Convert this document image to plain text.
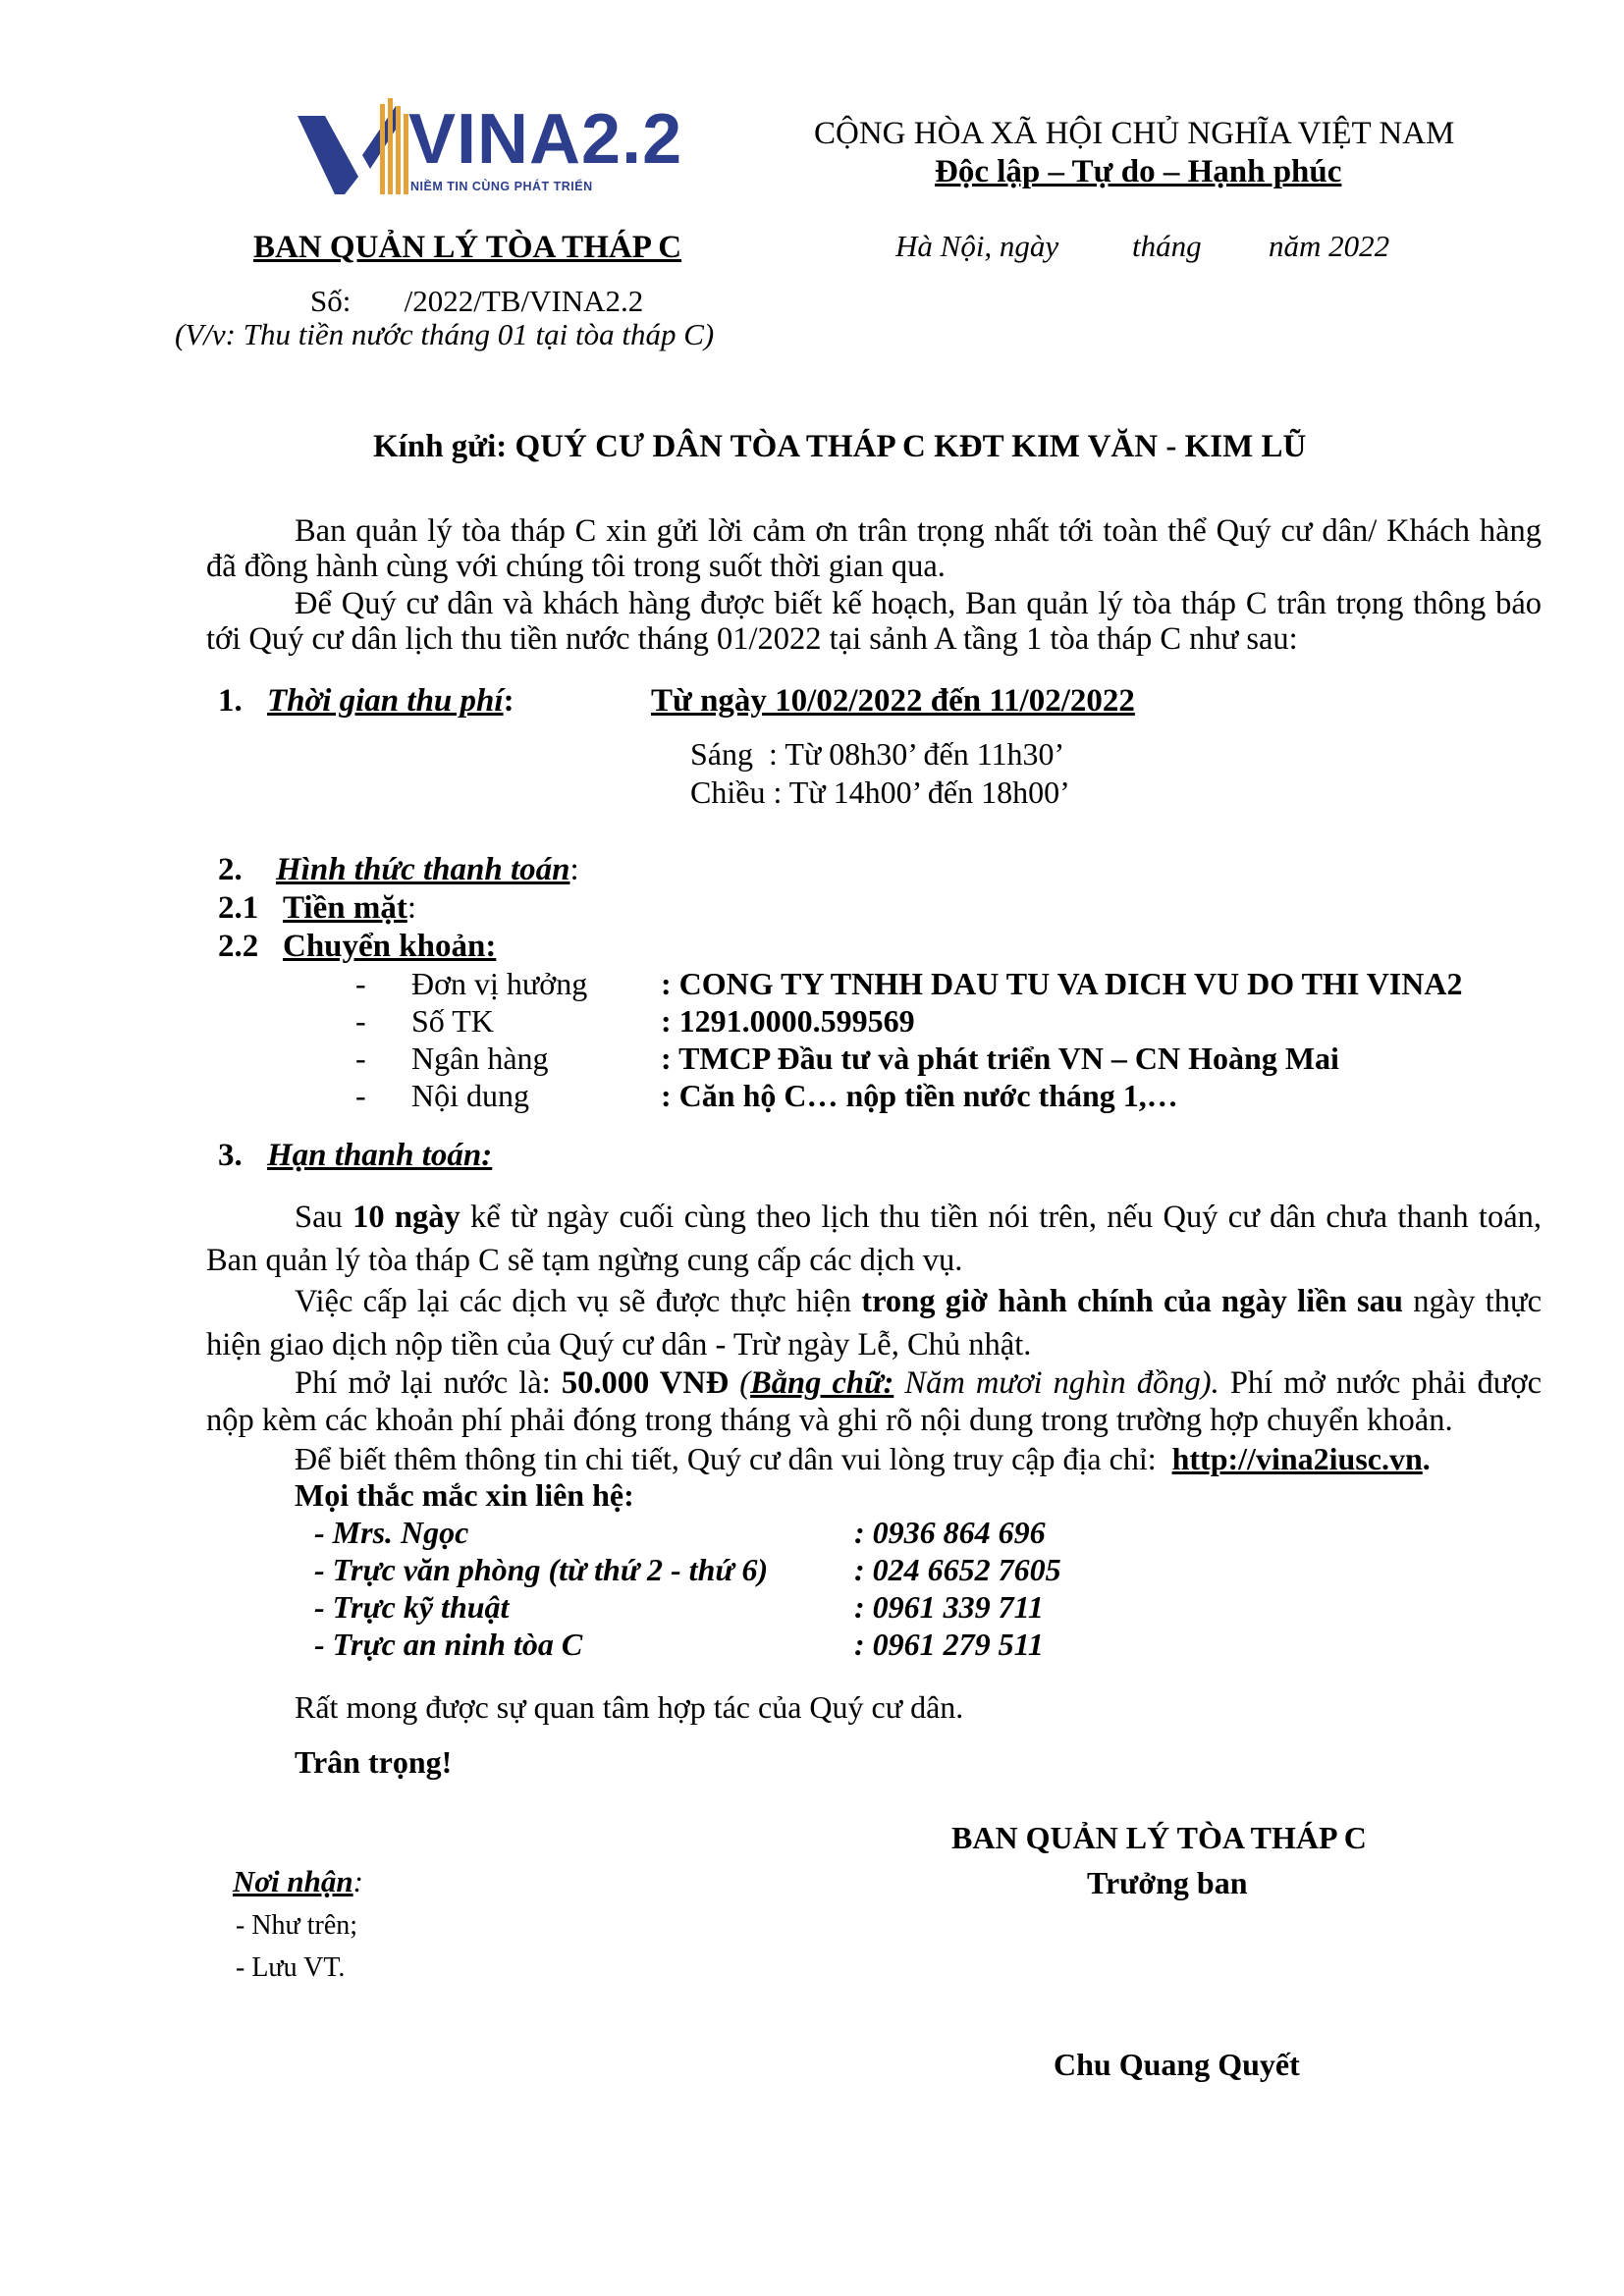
VINA2.2
NIỀM TIN CÙNG PHÁT TRIỂN
CỘNG HÒA XÃ HỘI CHỦ NGHĨA VIỆT NAM
Độc lập – Tự do – Hạnh phúc
BAN QUẢN LÝ TÒA THÁP C	Hà Nội, ngày tháng năm 2022
Số:       /2022/TB/VINA2.2
(V/v: Thu tiền nước tháng 01 tại tòa tháp C)
Kính gửi: QUÝ CƯ DÂN TÒA THÁP C KĐT KIM VĂN - KIM LŨ
Ban quản lý tòa tháp C xin gửi lời cảm ơn trân trọng nhất tới toàn thể Quý cư dân/ Khách hàng đã đồng hành cùng với chúng tôi trong suốt thời gian qua.
Để Quý cư dân và khách hàng được biết kế hoạch, Ban quản lý tòa tháp C trân trọng thông báo tới Quý cư dân lịch thu tiền nước tháng 01/2022 tại sảnh A tầng 1 tòa tháp C như sau:
1. Thời gian thu phí:	Từ ngày 10/02/2022 đến 11/02/2022
Sáng  : Từ 08h30’ đến 11h30’
Chiều : Từ 14h00’ đến 18h00’
2. Hình thức thanh toán:
2.1 Tiền mặt:
2.2 Chuyển khoản:
- Đơn vị hưởng : CONG TY TNHH DAU TU VA DICH VU DO THI VINA2
- Số TK	: 1291.0000.599569
- Ngân hàng	: TMCP Đầu tư và phát triển VN – CN Hoàng Mai
- Nội dung	: Căn hộ C… nộp tiền nước tháng 1,…
3. Hạn thanh toán:
Sau 10 ngày kể từ ngày cuối cùng theo lịch thu tiền nói trên, nếu Quý cư dân chưa thanh toán, Ban quản lý tòa tháp C sẽ tạm ngừng cung cấp các dịch vụ.
Việc cấp lại các dịch vụ sẽ được thực hiện trong giờ hành chính của ngày liền sau ngày thực hiện giao dịch nộp tiền của Quý cư dân - Trừ ngày Lễ, Chủ nhật.
Phí mở lại nước là: 50.000 VNĐ (Bằng chữ: Năm mươi nghìn đồng). Phí mở nước phải được nộp kèm các khoản phí phải đóng trong tháng và ghi rõ nội dung trong trường hợp chuyển khoản.
Để biết thêm thông tin chi tiết, Quý cư dân vui lòng truy cập địa chỉ:  http://vina2iusc.vn.
Mọi thắc mắc xin liên hệ:
- Mrs. Ngọc	: 0936 864 696
- Trực văn phòng (từ thứ 2 - thứ 6)	: 024 6652 7605
- Trực kỹ thuật	: 0961 339 711
- Trực an ninh tòa C	: 0961 279 511
Rất mong được sự quan tâm hợp tác của Quý cư dân.
Trân trọng!
BAN QUẢN LÝ TÒA THÁP C
Trưởng ban
Chu Quang Quyết
Nơi nhận:
- Như trên;
- Lưu VT.
